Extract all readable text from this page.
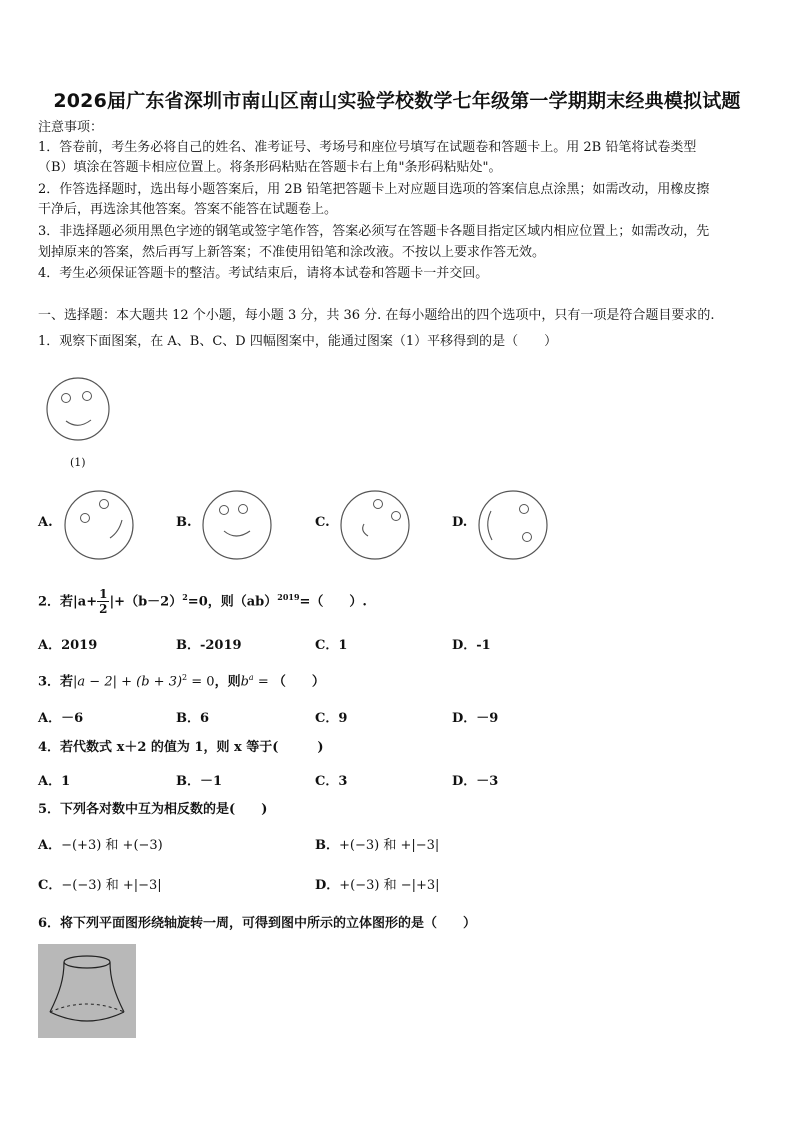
2026届广东省深圳市南山区南山实验学校数学七年级第一学期期末经典模拟试题
注意事项：
1．答卷前，考生务必将自己的姓名、准考证号、考场号和座位号填写在试题卷和答题卡上。用 2B 铅笔将试卷类型
（B）填涂在答题卡相应位置上。将条形码粘贴在答题卡右上角"条形码粘贴处"。
2．作答选择题时，选出每小题答案后，用 2B 铅笔把答题卡上对应题目选项的答案信息点涂黑；如需改动，用橡皮擦
干净后，再选涂其他答案。答案不能答在试题卷上。
3．非选择题必须用黑色字迹的钢笔或签字笔作答，答案必须写在答题卡各题目指定区域内相应位置上；如需改动，先
划掉原来的答案，然后再写上新答案；不准使用铅笔和涂改液。不按以上要求作答无效。
4．考生必须保证答题卡的整洁。考试结束后，请将本试卷和答题卡一并交回。
一、选择题：本大题共 12 个小题，每小题 3 分，共 36 分. 在每小题给出的四个选项中，只有一项是符合题目要求的.
1．观察下面图案，在 A、B、C、D 四幅图案中，能通过图案（1）平移得到的是（　　）
(1)
A.	B.	C.	D.
2．若$|a+ \frac{1}{2} |+(b-2)^2=0$，则（ab）$^{2019}$=（　　）.
A．2019	B．-2019	C．1	D．-1
3．若$|a - 2| + (b + 3)^2 = 0$，则$b^a$ = （　　）
A．－6	B．6	C．9	D．－9
4．若代数式 x＋2 的值为 1，则 x 等于(　　　)
A．1	B．－1	C．3	D．－3
5．下列各对数中互为相反数的是(　　)
A．−(+3) 和 +(−3)	B．+(−3) 和 +|−3|
C．−(−3) 和 +|−3|	D．+(−3) 和 −|+3|
6．将下列平面图形绕轴旋转一周，可得到图中所示的立体图形的是（　　）
